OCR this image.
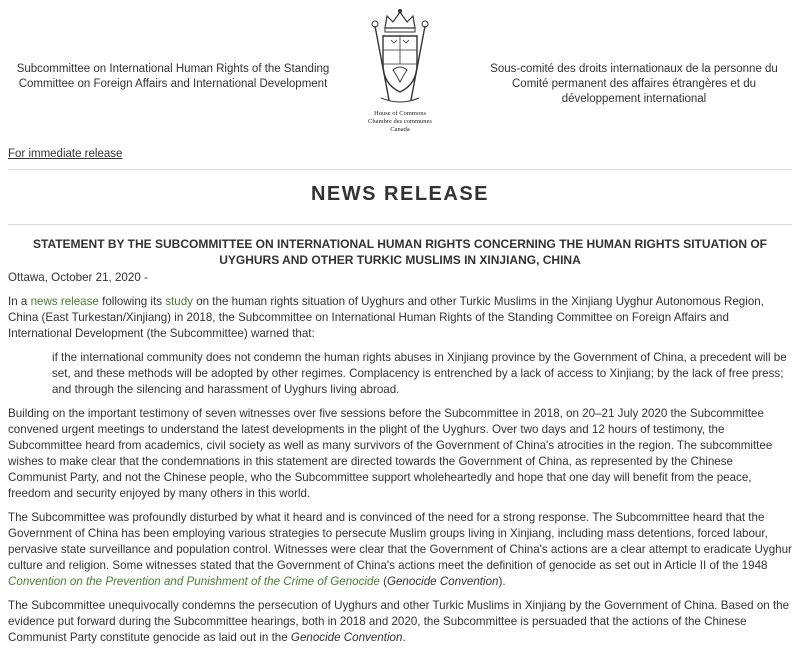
Subcommittee on International Human Rights of the Standing Committee on Foreign Affairs and International Development
House of Commons
Chambre des communes
Canada
Sous-comité des droits internationaux de la personne du Comité permanent des affaires étrangères et du développement international
For immediate release
NEWS RELEASE
STATEMENT BY THE SUBCOMMITTEE ON INTERNATIONAL HUMAN RIGHTS CONCERNING THE HUMAN RIGHTS SITUATION OF UYGHURS AND OTHER TURKIC MUSLIMS IN XINJIANG, CHINA

Ottawa, October 21, 2020 -

In a news release following its study on the human rights situation of Uyghurs and other Turkic Muslims in the Xinjiang Uyghur Autonomous Region, China (East Turkestan/Xinjiang) in 2018, the Subcommittee on International Human Rights of the Standing Committee on Foreign Affairs and International Development (the Subcommittee) warned that:

if the international community does not condemn the human rights abuses in Xinjiang province by the Government of China, a precedent will be set, and these methods will be adopted by other regimes. Complacency is entrenched by a lack of access to Xinjiang; by the lack of free press; and through the silencing and harassment of Uyghurs living abroad.

Building on the important testimony of seven witnesses over five sessions before the Subcommittee in 2018, on 20–21 July 2020 the Subcommittee convened urgent meetings to understand the latest developments in the plight of the Uyghurs. Over two days and 12 hours of testimony, the Subcommittee heard from academics, civil society as well as many survivors of the Government of China's atrocities in the region. The subcommittee wishes to make clear that the condemnations in this statement are directed towards the Government of China, as represented by the Chinese Communist Party, and not the Chinese people, who the Subcommittee support wholeheartedly and hope that one day will benefit from the peace, freedom and security enjoyed by many others in this world.

The Subcommittee was profoundly disturbed by what it heard and is convinced of the need for a strong response. The Subcommittee heard that the Government of China has been employing various strategies to persecute Muslim groups living in Xinjiang, including mass detentions, forced labour, pervasive state surveillance and population control. Witnesses were clear that the Government of China's actions are a clear attempt to eradicate Uyghur culture and religion. Some witnesses stated that the Government of China's actions meet the definition of genocide as set out in Article II of the 1948 Convention on the Prevention and Punishment of the Crime of Genocide (Genocide Convention).

The Subcommittee unequivocally condemns the persecution of Uyghurs and other Turkic Muslims in Xinjiang by the Government of China. Based on the evidence put forward during the Subcommittee hearings, both in 2018 and 2020, the Subcommittee is persuaded that the actions of the Chinese Communist Party constitute genocide as laid out in the Genocide Convention.
